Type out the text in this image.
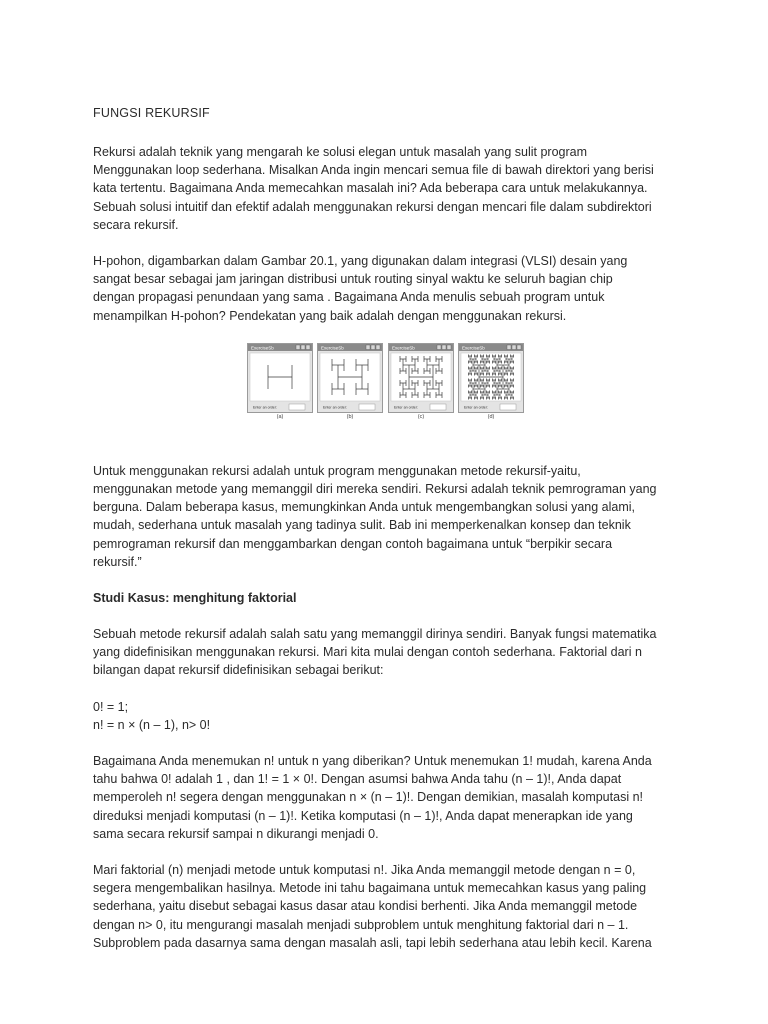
FUNGSI REKURSIF
Rekursi adalah teknik yang mengarah ke solusi elegan untuk masalah yang sulit program
Menggunakan loop sederhana. Misalkan Anda ingin mencari semua file di bawah direktori yang berisi
kata tertentu. Bagaimana Anda memecahkan masalah ini? Ada beberapa cara untuk melakukannya.
Sebuah solusi intuitif dan efektif adalah menggunakan rekursi dengan mencari file dalam subdirektori
secara rekursif.
H-pohon, digambarkan dalam Gambar 20.1, yang digunakan dalam integrasi (VLSI) desain yang
sangat besar sebagai jam jaringan distribusi untuk routing sinyal waktu ke seluruh bagian chip
dengan propagasi penundaan yang sama . Bagaimana Anda menulis sebuah program untuk
menampilkan H-pohon? Pendekatan yang baik adalah dengan menggunakan rekursi.
ExerciseSb
Enter an order:
(a)
ExerciseSb
Enter an order:
(b)
ExerciseSb
Enter an order:
(c)
ExerciseSb
Enter an order:
(d)
Untuk menggunakan rekursi adalah untuk program menggunakan metode rekursif-yaitu,
menggunakan metode yang memanggil diri mereka sendiri. Rekursi adalah teknik pemrograman yang
berguna. Dalam beberapa kasus, memungkinkan Anda untuk mengembangkan solusi yang alami,
mudah, sederhana untuk masalah yang tadinya sulit. Bab ini memperkenalkan konsep dan teknik
pemrograman rekursif dan menggambarkan dengan contoh bagaimana untuk “berpikir secara
rekursif.”
Studi Kasus: menghitung faktorial
Sebuah metode rekursif adalah salah satu yang memanggil dirinya sendiri. Banyak fungsi matematika
yang didefinisikan menggunakan rekursi. Mari kita mulai dengan contoh sederhana. Faktorial dari n
bilangan dapat rekursif didefinisikan sebagai berikut:
0! = 1;
n! = n × (n – 1), n> 0!
Bagaimana Anda menemukan n! untuk n yang diberikan? Untuk menemukan 1! mudah, karena Anda
tahu bahwa 0! adalah 1 , dan 1! = 1 × 0!. Dengan asumsi bahwa Anda tahu (n – 1)!, Anda dapat
memperoleh n! segera dengan menggunakan n × (n – 1)!. Dengan demikian, masalah komputasi n!
direduksi menjadi komputasi (n – 1)!. Ketika komputasi (n – 1)!, Anda dapat menerapkan ide yang
sama secara rekursif sampai n dikurangi menjadi 0.
Mari faktorial (n) menjadi metode untuk komputasi n!. Jika Anda memanggil metode dengan n = 0,
segera mengembalikan hasilnya. Metode ini tahu bagaimana untuk memecahkan kasus yang paling
sederhana, yaitu disebut sebagai kasus dasar atau kondisi berhenti. Jika Anda memanggil metode
dengan n> 0, itu mengurangi masalah menjadi subproblem untuk menghitung faktorial dari n – 1.
Subproblem pada dasarnya sama dengan masalah asli, tapi lebih sederhana atau lebih kecil. Karena
